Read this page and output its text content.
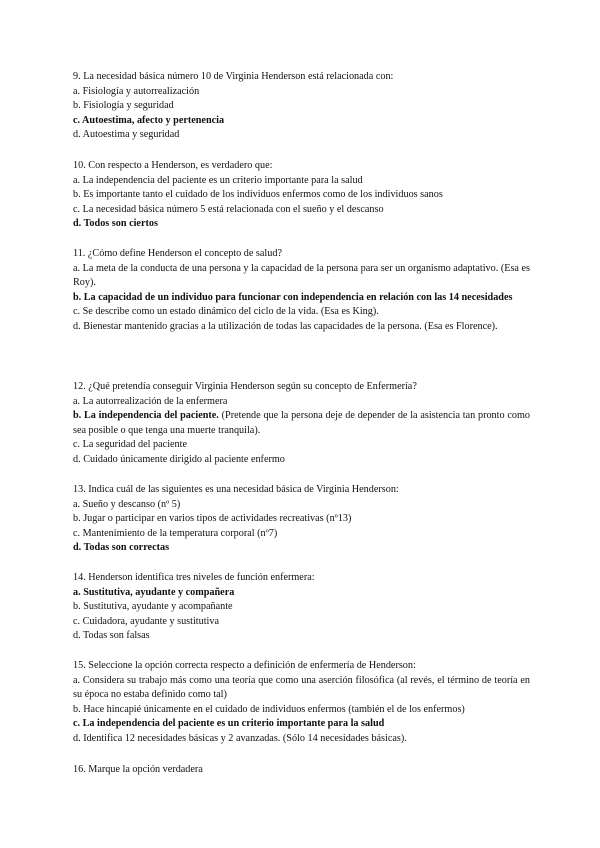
9. La necesidad básica número 10 de Virginia Henderson está relacionada con:
a. Fisiología y autorrealización
b. Fisiología y seguridad
c. Autoestima, afecto y pertenencia
d. Autoestima y seguridad
10. Con respecto a Henderson, es verdadero que:
a. La independencia del paciente es un criterio importante para la salud
b. Es importante tanto el cuidado de los individuos enfermos como de los individuos sanos
c. La necesidad básica número 5 está relacionada con el sueño y el descanso
d. Todos son ciertos
11. ¿Cómo define Henderson el concepto de salud?
a. La meta de la conducta de una persona y la capacidad de la persona para ser un organismo adaptativo. (Esa es Roy).
b. La capacidad de un individuo para funcionar con independencia en relación con las 14 necesidades
c. Se describe como un estado dinámico del ciclo de la vida. (Esa es King).
d. Bienestar mantenido gracias a la utilización de todas las capacidades de la persona. (Esa es Florence).
12. ¿Qué pretendía conseguir Virginia Henderson según su concepto de Enfermería?
a. La autorrealización de la enfermera
b. La independencia del paciente. (Pretende que la persona deje de depender de la asistencia tan pronto como sea posible o que tenga una muerte tranquila).
c. La seguridad del paciente
d. Cuidado únicamente dirigido al paciente enfermo
13. Indica cuál de las siguientes es una necesidad básica de Virginia Henderson:
a. Sueño y descanso (nº 5)
b. Jugar o participar en varios tipos de actividades recreativas (nº13)
c. Mantenimiento de la temperatura corporal (nº7)
d. Todas son correctas
14. Henderson identifica tres niveles de función enfermera:
a. Sustitutiva, ayudante y compañera
b. Sustitutiva, ayudante y acompañante
c. Cuidadora, ayudante y sustitutiva
d. Todas son falsas
15. Seleccione la opción correcta respecto a definición de enfermería de Henderson:
a. Considera su trabajo más como una teoría que como una aserción filosófica (al revés, el término de teoría en su época no estaba definido como tal)
b. Hace hincapié únicamente en el cuidado de individuos enfermos (también el de los enfermos)
c. La independencia del paciente es un criterio importante para la salud
d. Identifica 12 necesidades básicas y 2 avanzadas. (Sólo 14 necesidades básicas).
16. Marque la opción verdadera
